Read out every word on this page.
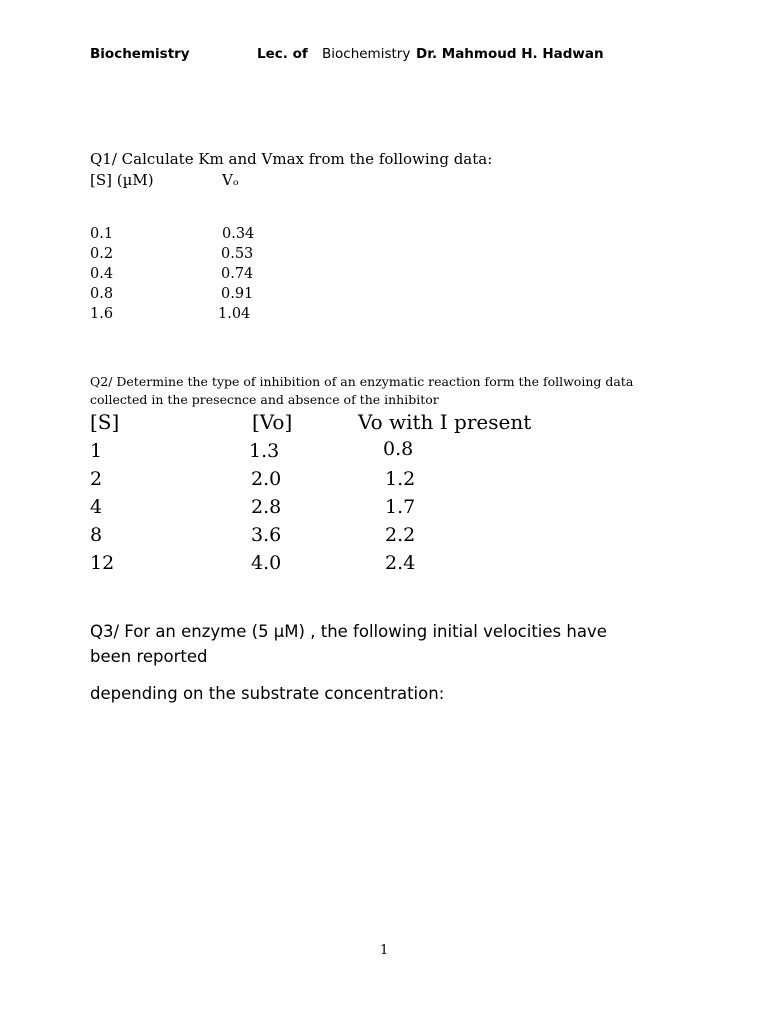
Biochemistry	Lec. of Biochemistry Dr. Mahmoud H. Hadwan
Q1/ Calculate Km and Vmax from the following data:
[S] (µM)	Vₒ
0.1	0.34
0.2	0.53
0.4	0.74
0.8	0.91
1.6	1.04
Q2/ Determine the type of inhibition of an enzymatic reaction form the follwoing data
collected in the presecnce and absence of the inhibitor
[S]	[Vo]	Vo with I present
1	1.3	0.8
2	2.0	1.2
4	2.8	1.7
8	3.6	2.2
12	4.0	2.4
Q3/ For an enzyme (5 µM) , the following initial velocities have
been reported
depending on the substrate concentration:
1
